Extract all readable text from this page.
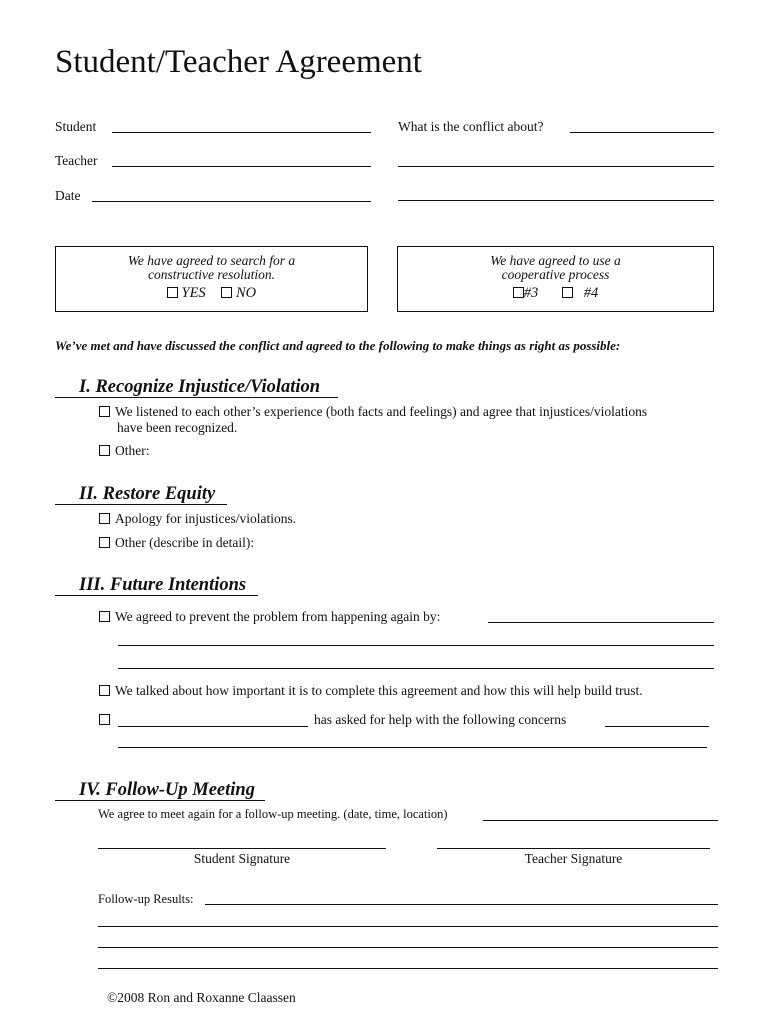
Student/Teacher Agreement
Student
Teacher
Date
What is the conflict about?
We have agreed to search for a
constructive resolution.
YES NO
We have agreed to use a
cooperative process
#3	#4
We’ve met and have discussed the conflict and agreed to the following to make things as right as possible:
I. Recognize Injustice/Violation
We listened to each other’s experience (both facts and feelings) and agree that injustices/violations
have been recognized.
Other:
II. Restore Equity
Apology for injustices/violations.
Other (describe in detail):
III. Future Intentions
We agreed to prevent the problem from happening again by:
We talked about how important it is to complete this agreement and how this will help build trust.
has asked for help with the following concerns
IV. Follow-Up Meeting
We agree to meet again for a follow-up meeting. (date, time, location)
Student Signature	Teacher Signature
Follow-up Results:
©2008 Ron and Roxanne Claassen
